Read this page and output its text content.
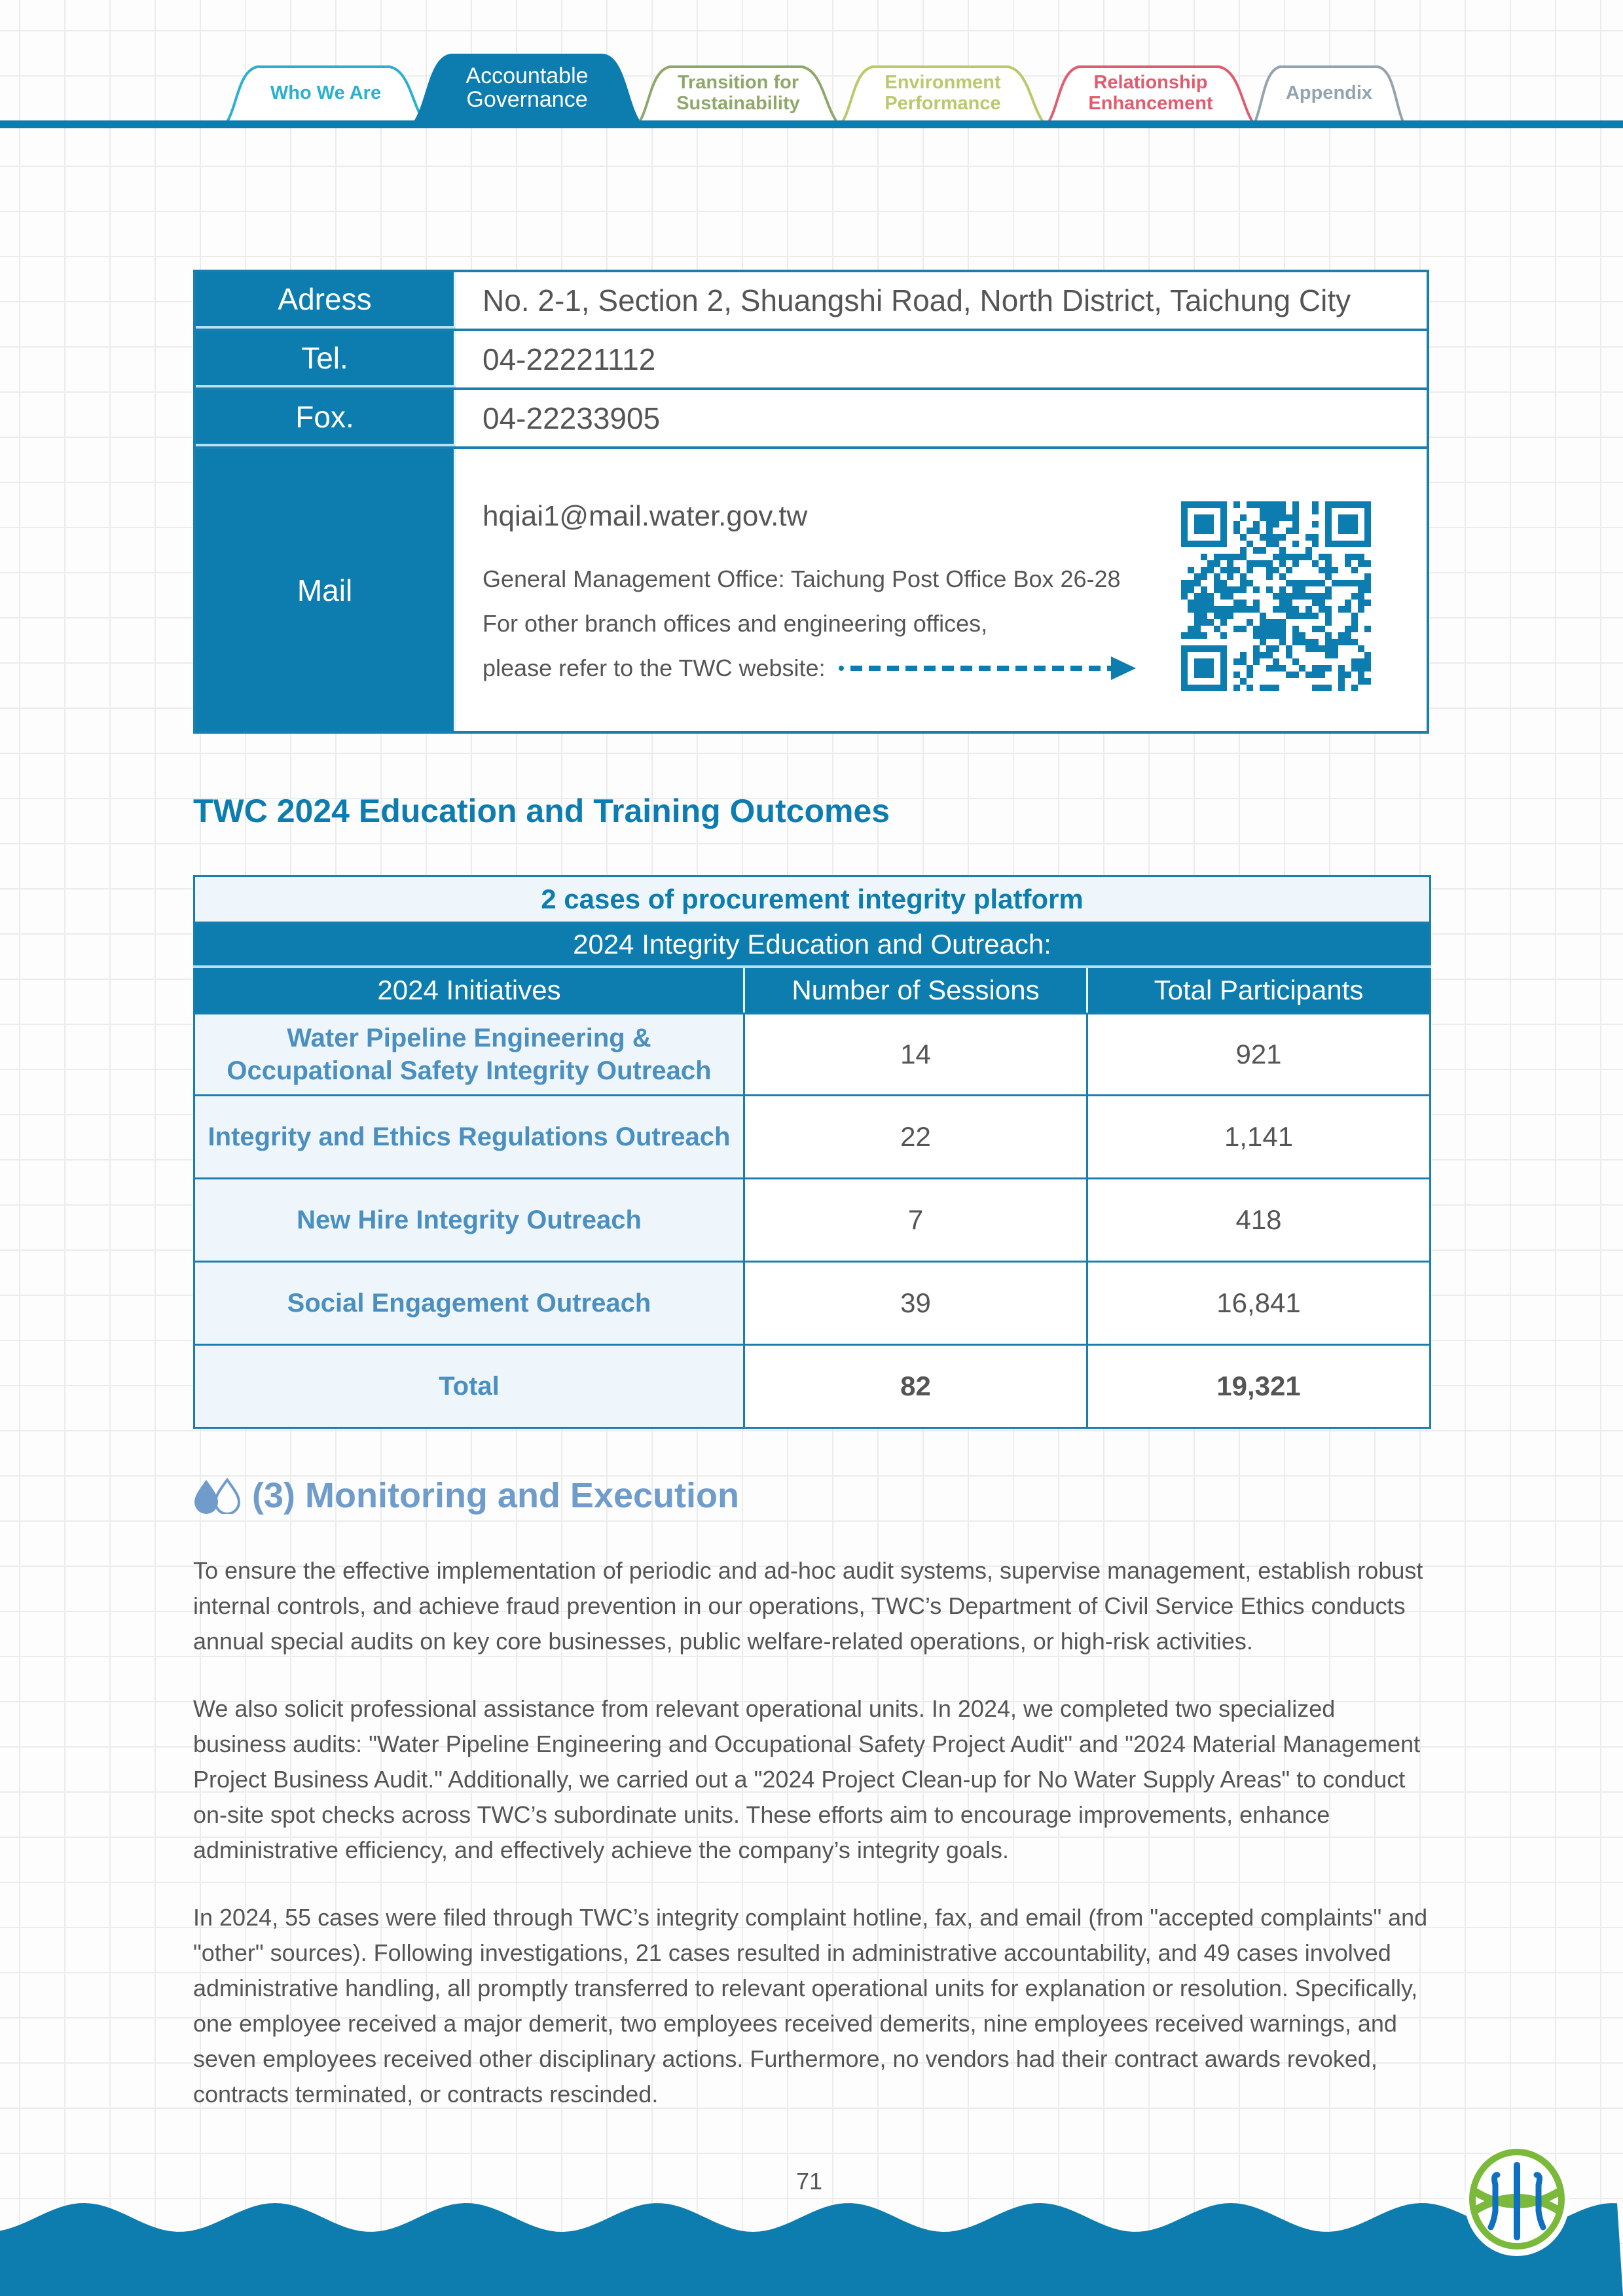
Who We Are
Accountable Governance
Transition for Sustainability
Environment Performance
Relationship Enhancement	Appendix
Adress	No. 2-1, Section 2, Shuangshi Road, North District, Taichung City
Tel.	04-22221112
Fox.	04-22233905
Mail
hqiai1@mail.water.gov.tw
General Management Office: Taichung Post Office Box 26-28
For other branch offices and engineering offices,
please refer to the TWC website:
TWC 2024 Education and Training Outcomes
2 cases of procurement integrity platform		
2024 Integrity Education and Outreach:		
2024 Initiatives	Number of Sessions	Total Participants
Water Pipeline Engineering & Occupational Safety Integrity Outreach	14	921
Integrity and Ethics Regulations Outreach	22	1,141
New Hire Integrity Outreach	7	418
Social Engagement Outreach	39	16,841
Total	82	19,321
(3) Monitoring and Execution

To ensure the effective implementation of periodic and ad-hoc audit systems, supervise management, establish robust internal controls, and achieve fraud prevention in our operations, TWC’s Department of Civil Service Ethics conducts annual special audits on key core businesses, public welfare-related operations, or high-risk activities.

We also solicit professional assistance from relevant operational units. In 2024, we completed two specialized business audits: "Water Pipeline Engineering and Occupational Safety Project Audit" and "2024 Material Management Project Business Audit." Additionally, we carried out a "2024 Project Clean-up for No Water Supply Areas" to conduct on-site spot checks across TWC’s subordinate units. These efforts aim to encourage improvements, enhance administrative efficiency, and effectively achieve the company’s integrity goals.

In 2024, 55 cases were filed through TWC’s integrity complaint hotline, fax, and email (from "accepted complaints" and "other" sources). Following investigations, 21 cases resulted in administrative accountability, and 49 cases involved administrative handling, all promptly transferred to relevant operational units for explanation or resolution. Specifically, one employee received a major demerit, two employees received demerits, nine employees received warnings, and seven employees received other disciplinary actions. Furthermore, no vendors had their contract awards revoked, contracts terminated, or contracts rescinded.

71
